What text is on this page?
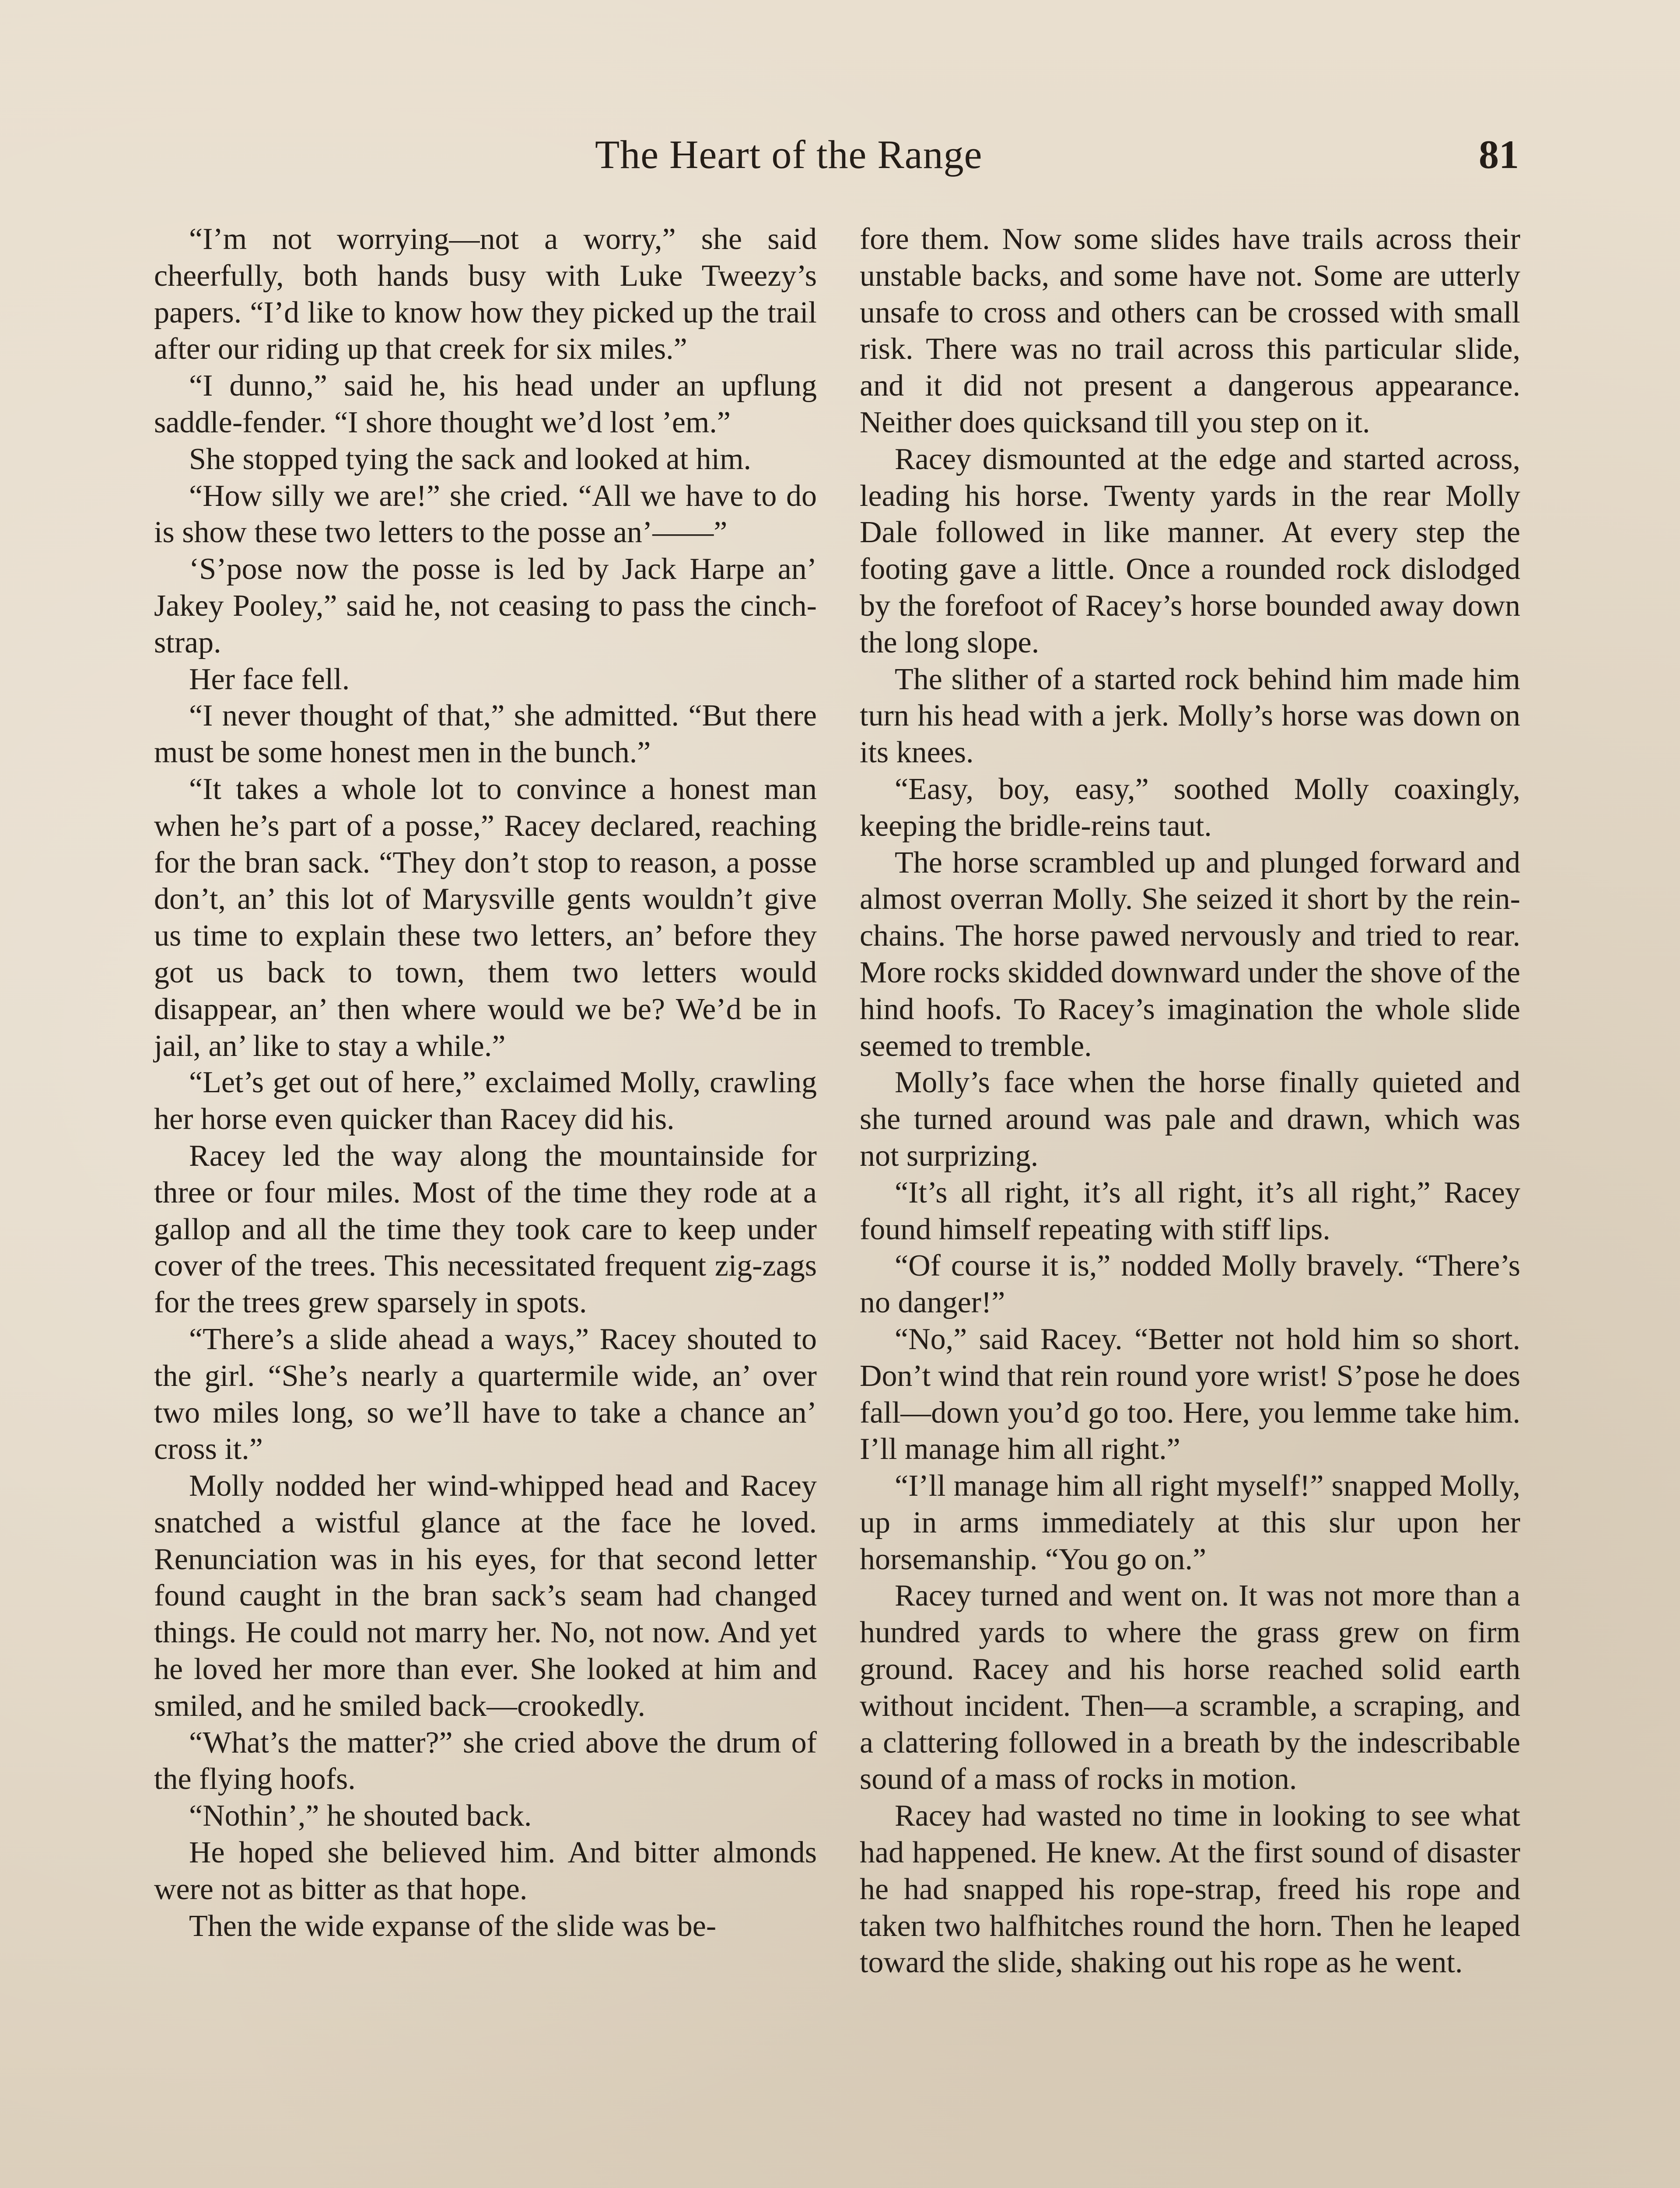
The Heart of the Range	81

“I’m not worrying—not a worry,” she said cheerfully, both hands busy with Luke Tweezy’s papers. “I’d like to know how they picked up the trail after our riding up that creek for six miles.”

“I dunno,” said he, his head under an upflung saddle-fender. “I shore thought we’d lost ’em.”

She stopped tying the sack and looked at him.

“How silly we are!” she cried. “All we have to do is show these two letters to the posse an’——”

‘S’pose now the posse is led by Jack Harpe an’ Jakey Pooley,” said he, not ceasing to pass the cinch-strap.

Her face fell.

“I never thought of that,” she admitted. “But there must be some honest men in the bunch.”

“It takes a whole lot to convince a honest man when he’s part of a posse,” Racey declared, reaching for the bran sack. “They don’t stop to reason, a posse don’t, an’ this lot of Marysville gents wouldn’t give us time to explain these two letters, an’ before they got us back to town, them two letters would disappear, an’ then where would we be? We’d be in jail, an’ like to stay a while.”

“Let’s get out of here,” exclaimed Molly, crawling her horse even quicker than Racey did his.

Racey led the way along the mountainside for three or four miles. Most of the time they rode at a gallop and all the time they took care to keep under cover of the trees. This necessitated frequent zig-zags for the trees grew sparsely in spots.

“There’s a slide ahead a ways,” Racey shouted to the girl. “She’s nearly a quartermile wide, an’ over two miles long, so we’ll have to take a chance an’ cross it.”

Molly nodded her wind-whipped head and Racey snatched a wistful glance at the face he loved. Renunciation was in his eyes, for that second letter found caught in the bran sack’s seam had changed things. He could not marry her. No, not now. And yet he loved her more than ever. She looked at him and smiled, and he smiled back—crookedly.

“What’s the matter?” she cried above the drum of the flying hoofs.

“Nothin’,” he shouted back.

He hoped she believed him. And bitter almonds were not as bitter as that hope.

Then the wide expanse of the slide was be-

fore them. Now some slides have trails across their unstable backs, and some have not. Some are utterly unsafe to cross and others can be crossed with small risk. There was no trail across this particular slide, and it did not present a dangerous appearance. Neither does quicksand till you step on it.

Racey dismounted at the edge and started across, leading his horse. Twenty yards in the rear Molly Dale followed in like manner. At every step the footing gave a little. Once a rounded rock dislodged by the forefoot of Racey’s horse bounded away down the long slope.

The slither of a started rock behind him made him turn his head with a jerk. Molly’s horse was down on its knees.

“Easy, boy, easy,” soothed Molly coaxingly, keeping the bridle-reins taut.

The horse scrambled up and plunged forward and almost overran Molly. She seized it short by the rein-chains. The horse pawed nervously and tried to rear. More rocks skidded downward under the shove of the hind hoofs. To Racey’s imagination the whole slide seemed to tremble.

Molly’s face when the horse finally quieted and she turned around was pale and drawn, which was not surprizing.

“It’s all right, it’s all right, it’s all right,” Racey found himself repeating with stiff lips.

“Of course it is,” nodded Molly bravely. “There’s no danger!”

“No,” said Racey. “Better not hold him so short. Don’t wind that rein round yore wrist! S’pose he does fall—down you’d go too. Here, you lemme take him. I’ll manage him all right.”

“I’ll manage him all right myself!” snapped Molly, up in arms immediately at this slur upon her horsemanship. “You go on.”

Racey turned and went on. It was not more than a hundred yards to where the grass grew on firm ground. Racey and his horse reached solid earth without incident. Then—a scramble, a scraping, and a clattering followed in a breath by the indescribable sound of a mass of rocks in motion.

Racey had wasted no time in looking to see what had happened. He knew. At the first sound of disaster he had snapped his rope-strap, freed his rope and taken two halfhitches round the horn. Then he leaped toward the slide, shaking out his rope as he went.
